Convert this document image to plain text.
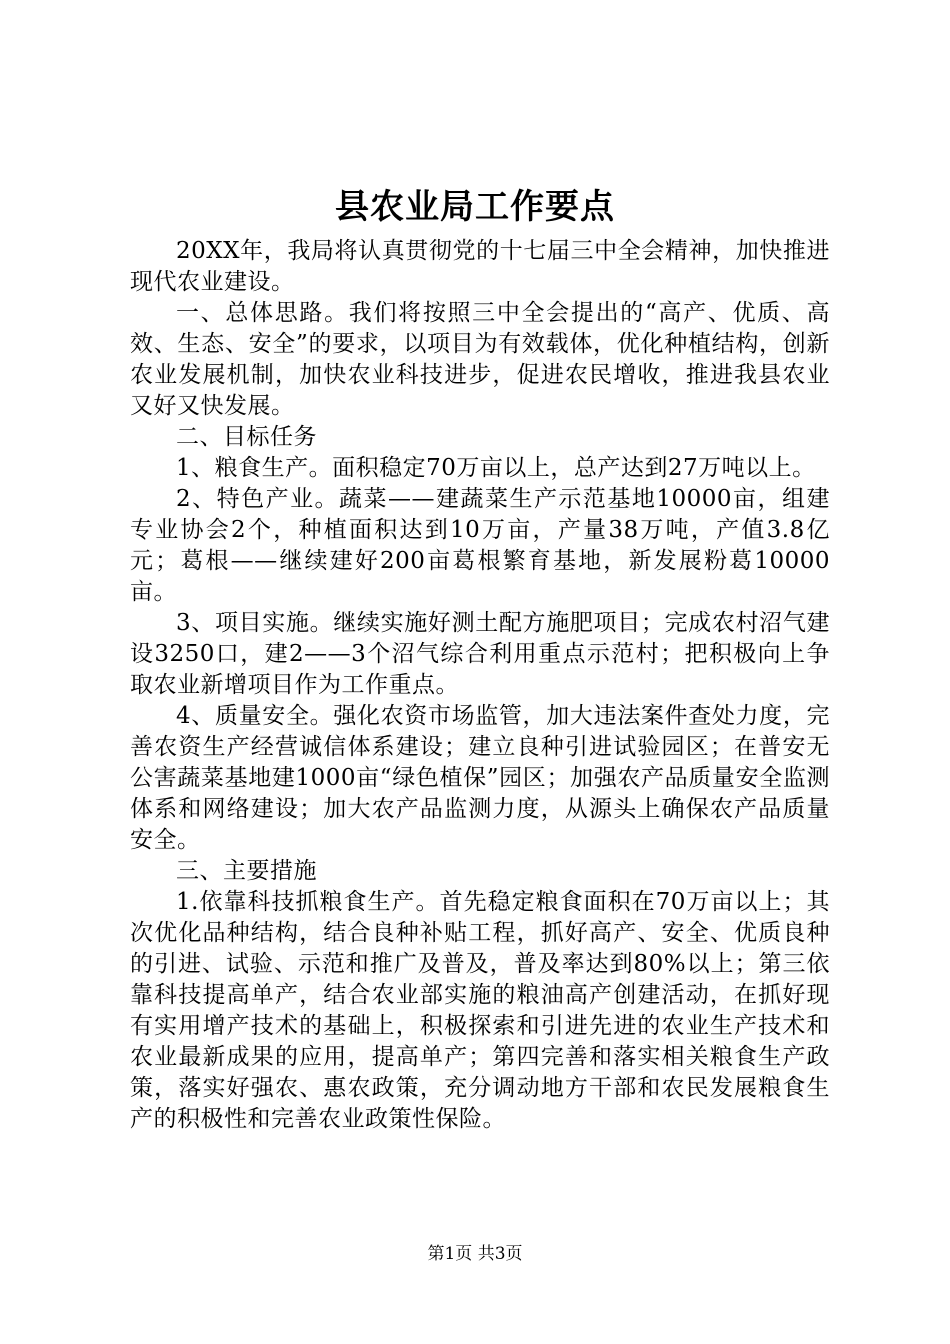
县农业局工作要点

20XX年，我局将认真贯彻党的十七届三中全会精神，加快推进现代农业建设。

一、总体思路。我们将按照三中全会提出的“高产、优质、高效、生态、安全”的要求，以项目为有效载体，优化种植结构，创新农业发展机制，加快农业科技进步，促进农民增收，推进我县农业又好又快发展。

二、目标任务

1、粮食生产。面积稳定70万亩以上，总产达到27万吨以上。

2、特色产业。蔬菜——建蔬菜生产示范基地10000亩，组建专业协会2个，种植面积达到10万亩，产量38万吨，产值3.8亿元；葛根——继续建好200亩葛根繁育基地，新发展粉葛10000亩。

3、项目实施。继续实施好测土配方施肥项目；完成农村沼气建设3250口，建2——3个沼气综合利用重点示范村；把积极向上争取农业新增项目作为工作重点。

4、质量安全。强化农资市场监管，加大违法案件查处力度，完善农资生产经营诚信体系建设；建立良种引进试验园区；在普安无公害蔬菜基地建1000亩“绿色植保”园区；加强农产品质量安全监测体系和网络建设；加大农产品监测力度，从源头上确保农产品质量安全。

三、主要措施

1.依靠科技抓粮食生产。首先稳定粮食面积在70万亩以上；其次优化品种结构，结合良种补贴工程，抓好高产、安全、优质良种的引进、试验、示范和推广及普及，普及率达到80%以上；第三依靠科技提高单产，结合农业部实施的粮油高产创建活动，在抓好现有实用增产技术的基础上，积极探索和引进先进的农业生产技术和农业最新成果的应用，提高单产；第四完善和落实相关粮食生产政策，落实好强农、惠农政策，充分调动地方干部和农民发展粮食生产的积极性和完善农业政策性保险。

第1页 共3页
